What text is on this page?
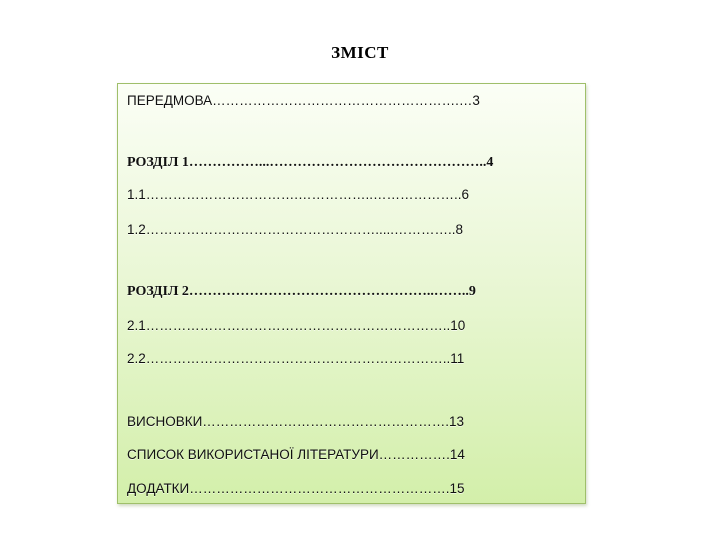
ЗМІСТ
ПЕРЕДМОВА……………………………………………….…3
РОЗДІЛ 1……………...………………………………………..4
1.1…………………………….……………..………………..6
1.2…………………………………………….....…………..8
РОЗДІЛ 2……………………………………………..……..9
2.1…………………………………………………………..10
2.2…………………………………………………………..11
ВИСНОВКИ……………………………………………….13
СПИСОК ВИКОРИСТАНОЇ ЛІТЕРАТУРИ…………….14
ДОДАТКИ………………………………………………….15
